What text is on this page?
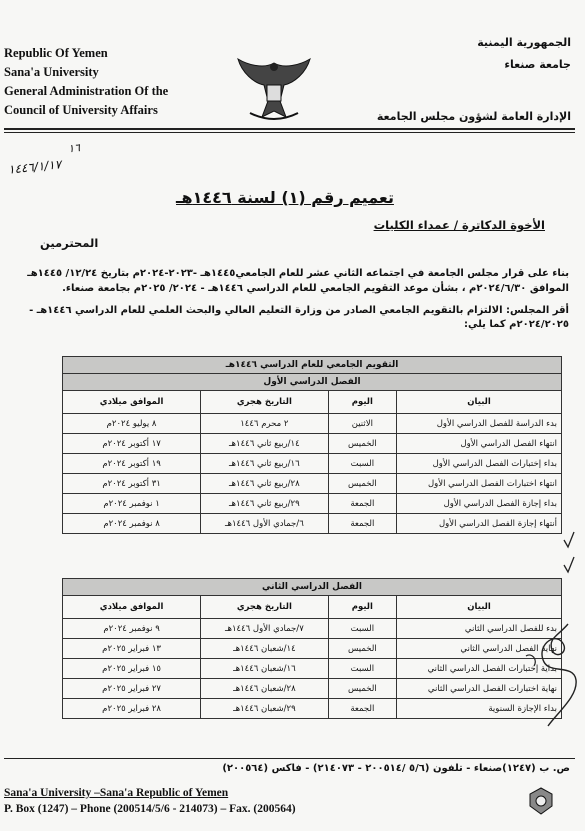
Republic Of Yemen
Sana'a University
General Administration Of the
Council of University Affairs
الجمهورية اليمنية
جامعة صنعاء
الإدارة العامة لشؤون مجلس الجامعة
١٦
١٤٤٦/١/١٧
تعميم رقم (١) لسنة ١٤٤٦هـ
الأخوة الدكاترة / عمداء الكليات
المحترمين
بناء على قرار مجلس الجامعة في اجتماعه الثاني عشر للعام الجامعي١٤٤٥هـ -٢٠٢٣-٢٠٢٤م بتاريخ ١٢/٢٤/ ١٤٤٥هـ الموافق ٢٠٢٤/٦/٣٠م ، بشأن موعد التقويم الجامعي للعام الدراسي ١٤٤٦هـ - ٢٠٢٤/ ٢٠٢٥م بجامعة صنعاء.
أقر المجلس: الالتزام بالتقويم الجامعي الصادر من وزارة التعليم العالي والبحث العلمي للعام الدراسي ١٤٤٦هـ - ٢٠٢٤/٢٠٢٥م كما يلي:
التقويم الجامعي للعام الدراسي ١٤٤٦هـ			
الفصل الدراسي الأول			
البيان	اليوم	التاريخ هجري	الموافق ميلادي
بدء الدراسة للفصل الدراسي الأول	الاثنين	٢ محرم ١٤٤٦	٨ يوليو ٢٠٢٤م
انتهاء الفصل الدراسي الأول	الخميس	١٤/ربيع ثاني ١٤٤٦هـ	١٧ أكتوبر ٢٠٢٤م
بداء إختبارات الفصل الدراسي الأول	السبت	١٦/ربيع ثاني ١٤٤٦هـ	١٩ أكتوبر ٢٠٢٤م
انتهاء اختبارات الفصل الدراسي الأول	الخميس	٢٨/ربيع ثاني ١٤٤٦هـ	٣١ أكتوبر ٢٠٢٤م
بداء إجازة الفصل الدراسي الأول	الجمعة	٢٩/ربيع ثاني ١٤٤٦هـ	١ نوفمبر ٢٠٢٤م
أنتهاء إجازة الفصل الدراسي الأول	الجمعة	٦/جمادي الأول ١٤٤٦هـ	٨ نوفمبر ٢٠٢٤م
الفصل الدراسي الثاني			
البيان	اليوم	التاريخ هجري	الموافق ميلادي
بدء للفصل الدراسي الثاني	السبت	٧/جمادي الأول ١٤٤٦هـ	٩ نوفمبر ٢٠٢٤م
نهاية الفصل الدراسي الثاني	الخميس	١٤/شعبان ١٤٤٦هـ	١٣ فبراير ٢٠٢٥م
بداية إختبارات الفصل الدراسي الثاني	السبت	١٦/شعبان ١٤٤٦هـ	١٥ فبراير ٢٠٢٥م
نهاية اختبارات الفصل الدراسي الثاني	الخميس	٢٨/شعبان ١٤٤٦هـ	٢٧ فبراير ٢٠٢٥م
بداء الإجازة السنوية	الجمعة	٢٩/شعبان ١٤٤٦هـ	٢٨ فبراير ٢٠٢٥م
ص. ب (١٢٤٧)صنعاء - تلفون (٥/٦ /٢٠٠٥١٤ - ٢١٤٠٧٣) - فاكس (٢٠٠٥٦٤)
Sana'a University –Sana'a Republic of Yemen
P. Box (1247) – Phone (200514/5/6 - 214073) – Fax. (200564)
